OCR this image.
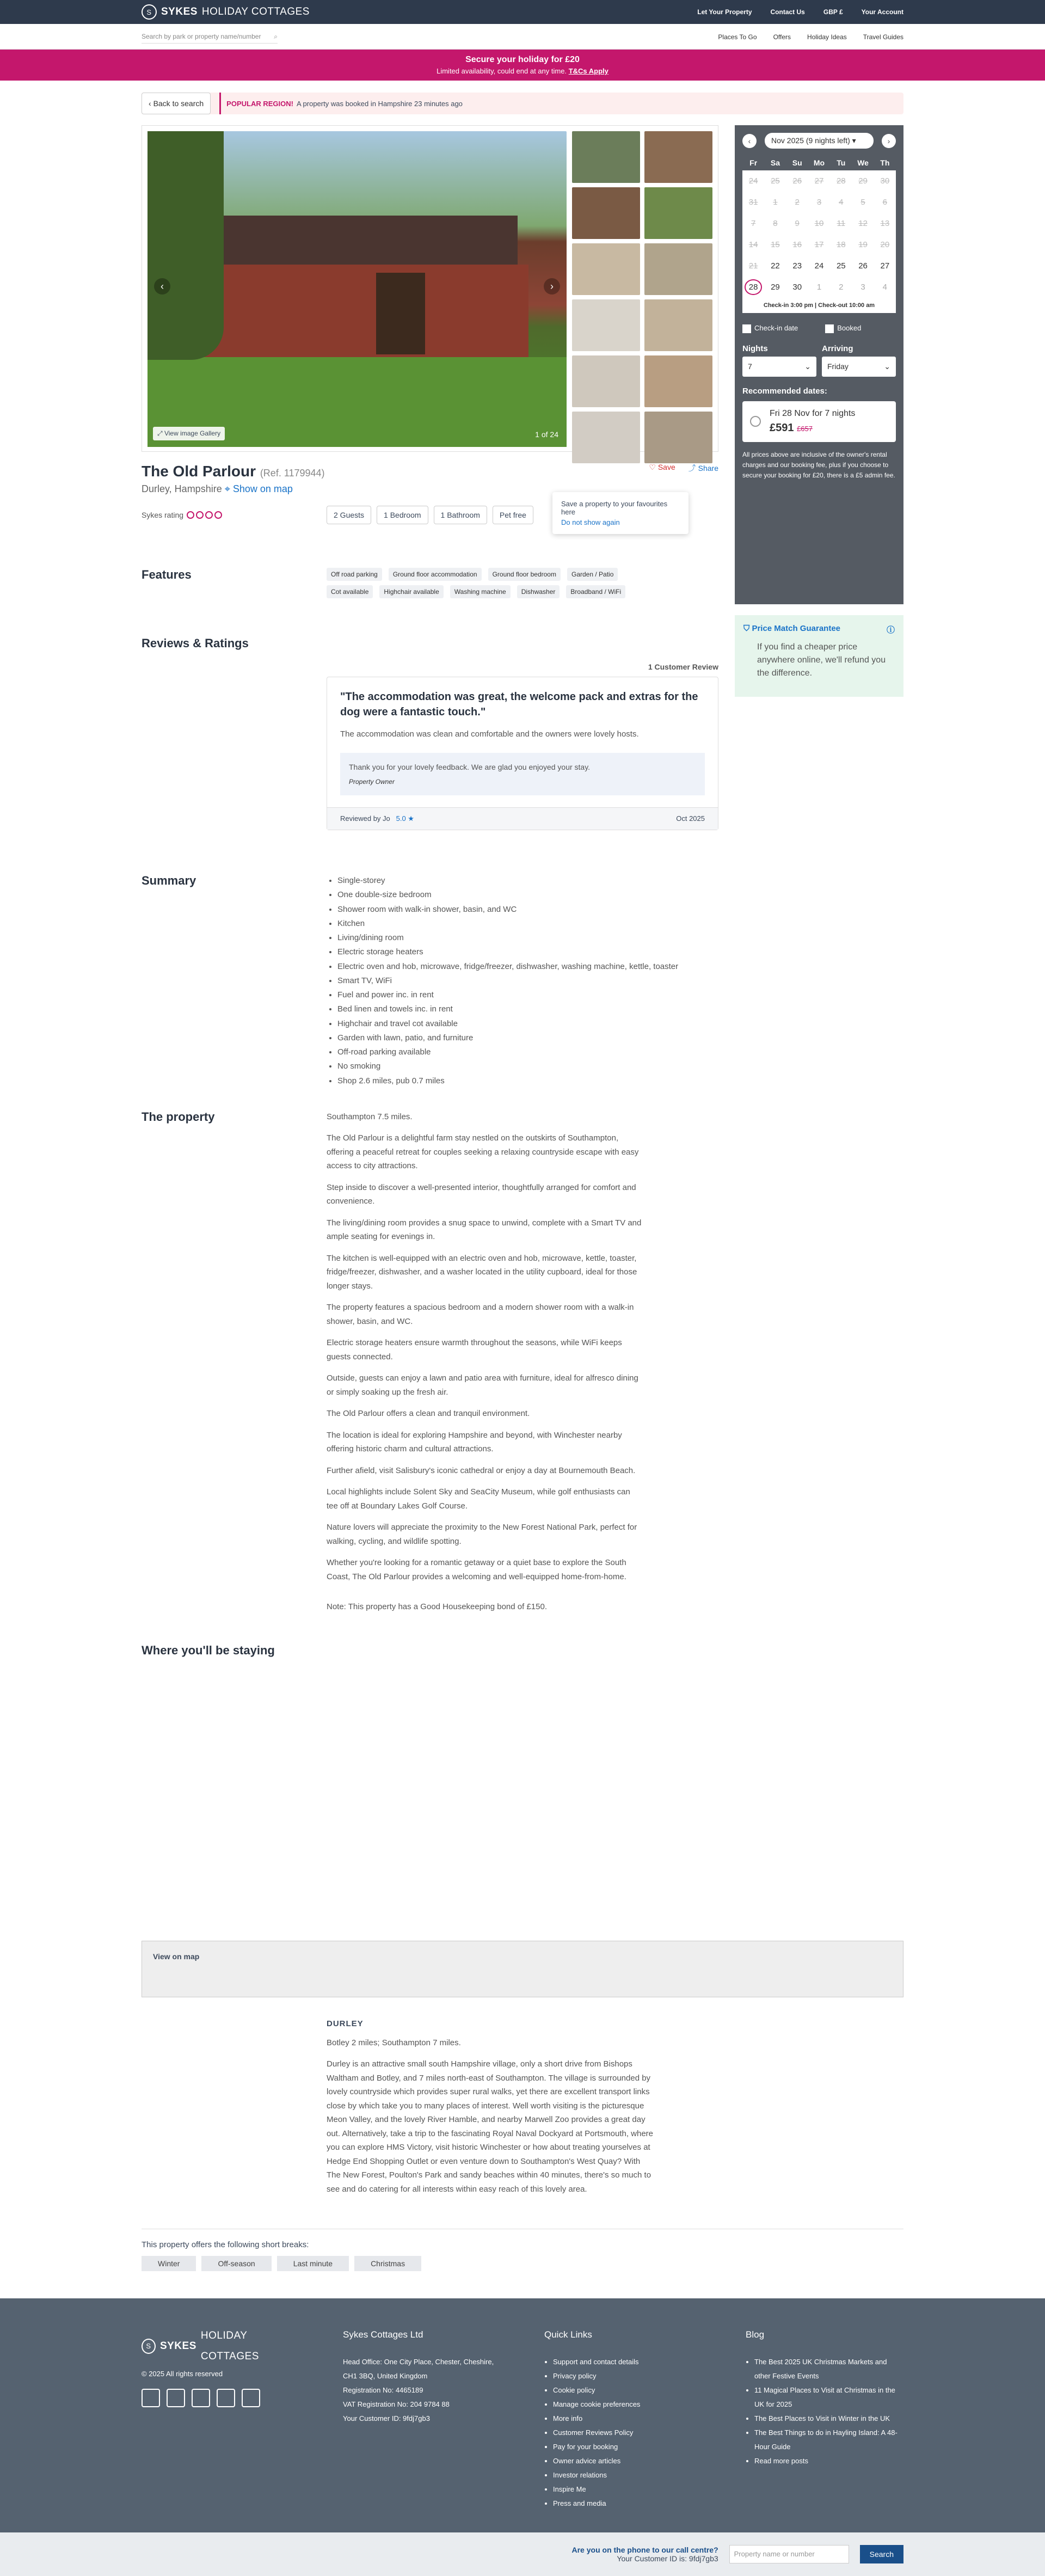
S SYKES HOLIDAY COTTAGES	Let Your Property	Contact Us	GBP £	Your Account
Search by park or property name/number ⌕	Places To Go	Offers	Holiday Ideas	Travel Guides
Secure your holiday for £20
Limited availability, could end at any time. T&Cs Apply
‹ Back to search	POPULAR REGION! A property was booked in Hampshire 23 minutes ago
‹	›
⤢ View image Gallery	1 of 24
The Old Parlour (Ref. 1179944)
Durley, Hampshire ⌖ Show on map
♡ Save ⤴ Share
Save a property to your favourites here
Do not show again
Sykes rating	2 Guests	1 Bedroom	1 Bathroom	Pet free
Features	Off road parking	Ground floor accommodation	Ground floor bedroom	Garden / Patio
Cot available	Highchair available	Washing machine	Dishwasher	Broadband / WiFi
Reviews & Ratings
1 Customer Review
"The accommodation was great, the welcome pack and extras for the dog were a fantastic touch."

The accommodation was clean and comfortable and the owners were lovely hosts.

Thank you for your lovely feedback. We are glad you enjoyed your stay.
Property Owner
Reviewed by Jo 5.0 ★	Oct 2025
Summary
•	Single-storey
• One double-size bedroom
• Shower room with walk-in shower, basin, and WC
• Kitchen
• Living/dining room
• Electric storage heaters
• Electric oven and hob, microwave, fridge/freezer, dishwasher, washing machine, kettle, toaster
• Smart TV, WiFi
• Fuel and power inc. in rent
• Bed linen and towels inc. in rent
• Highchair and travel cot available
• Garden with lawn, patio, and furniture
• Off-road parking available
• No smoking
• Shop 2.6 miles, pub 0.7 miles
The property	Southampton 7.5 miles.

The Old Parlour is a delightful farm stay nestled on the outskirts of Southampton, offering a peaceful retreat for couples seeking a relaxing countryside escape with easy access to city attractions.

Step inside to discover a well-presented interior, thoughtfully arranged for comfort and convenience.

The living/dining room provides a snug space to unwind, complete with a Smart TV and ample seating for evenings in.

The kitchen is well-equipped with an electric oven and hob, microwave, kettle, toaster, fridge/freezer, dishwasher, and a washer located in the utility cupboard, ideal for those longer stays.

The property features a spacious bedroom and a modern shower room with a walk-in shower, basin, and WC.

Electric storage heaters ensure warmth throughout the seasons, while WiFi keeps guests connected.

Outside, guests can enjoy a lawn and patio area with furniture, ideal for alfresco dining or simply soaking up the fresh air.

The Old Parlour offers a clean and tranquil environment.

The location is ideal for exploring Hampshire and beyond, with Winchester nearby offering historic charm and cultural attractions.

Further afield, visit Salisbury's iconic cathedral or enjoy a day at Bournemouth Beach.

Local highlights include Solent Sky and SeaCity Museum, while golf enthusiasts can tee off at Boundary Lakes Golf Course.

Nature lovers will appreciate the proximity to the New Forest National Park, perfect for walking, cycling, and wildlife spotting.

Whether you're looking for a romantic getaway or a quiet base to explore the South Coast, The Old Parlour provides a welcoming and well-equipped home-from-home.

Note: This property has a Good Housekeeping bond of £150.

‹	Nov 2025 (9 nights left) ▾	›
Fr	Sa	Su	Mo	Tu	We	Th
24	25	26	27	28	29	30
31	1	2	3	4	5	6
7	8	9	10	11	12	13
14	15	16	17	18	19	20
21	22	23	24	25	26	27
28	29	30	1	2	3	4
Check-in 3:00 pm | Check-out 10:00 am
Check-in date	Booked
Nights	Arriving
7	⌄ Friday	⌄
Recommended dates:
Fri 28 Nov for 7 nights
£591 £657
All prices above are inclusive of the owner's rental charges and our booking fee, plus if you choose to secure your booking for £20, there is a £5 admin fee.
⛉ Price Match Guarantee	ⓘ

If you find a cheaper price anywhere online, we'll refund you the difference.

Where you'll be staying
View on map
DURLEY

Botley 2 miles; Southampton 7 miles.

Durley is an attractive small south Hampshire village, only a short drive from Bishops Waltham and Botley, and 7 miles north-east of Southampton. The village is surrounded by lovely countryside which provides super rural walks, yet there are excellent transport links close by which take you to many places of interest. Well worth visiting is the picturesque Meon Valley, and the lovely River Hamble, and nearby Marwell Zoo provides a great day out. Alternatively, take a trip to the fascinating Royal Naval Dockyard at Portsmouth, where you can explore HMS Victory, visit historic Winchester or how about treating yourselves at Hedge End Shopping Outlet or even venture down to Southampton's West Quay? With The New Forest, Poulton's Park and sandy beaches within 40 minutes, there's so much to see and do catering for all interests within easy reach of this lovely area.

This property offers the following short breaks:
Winter	Off-season	Last minute	Christmas
S SYKES
HOLIDAY COTTAGES
© 2025 All rights reserved
Sykes Cottages Ltd
Head Office: One City Place, Chester, Cheshire, CH1 3BQ, United Kingdom
Registration No: 4465189
VAT Registration No: 204 9784 88
Your Customer ID: 9fdj7gb3
Quick Links
• Support and contact details
• Privacy policy
• Cookie policy
• Manage cookie preferences
• More info
• Customer Reviews Policy
• Pay for your booking
• Owner advice articles
• Investor relations
• Inspire Me
• Press and media
Blog
• The Best 2025 UK Christmas Markets and other Festive Events
• 11 Magical Places to Visit at Christmas in the UK for 2025
• The Best Places to Visit in Winter in the UK
• The Best Things to do in Hayling Island: A 48-Hour Guide
• Read more posts
Are you on the phone to our call centre?
Your Customer ID is: 9fdj7gb3
Property name or number	Search
